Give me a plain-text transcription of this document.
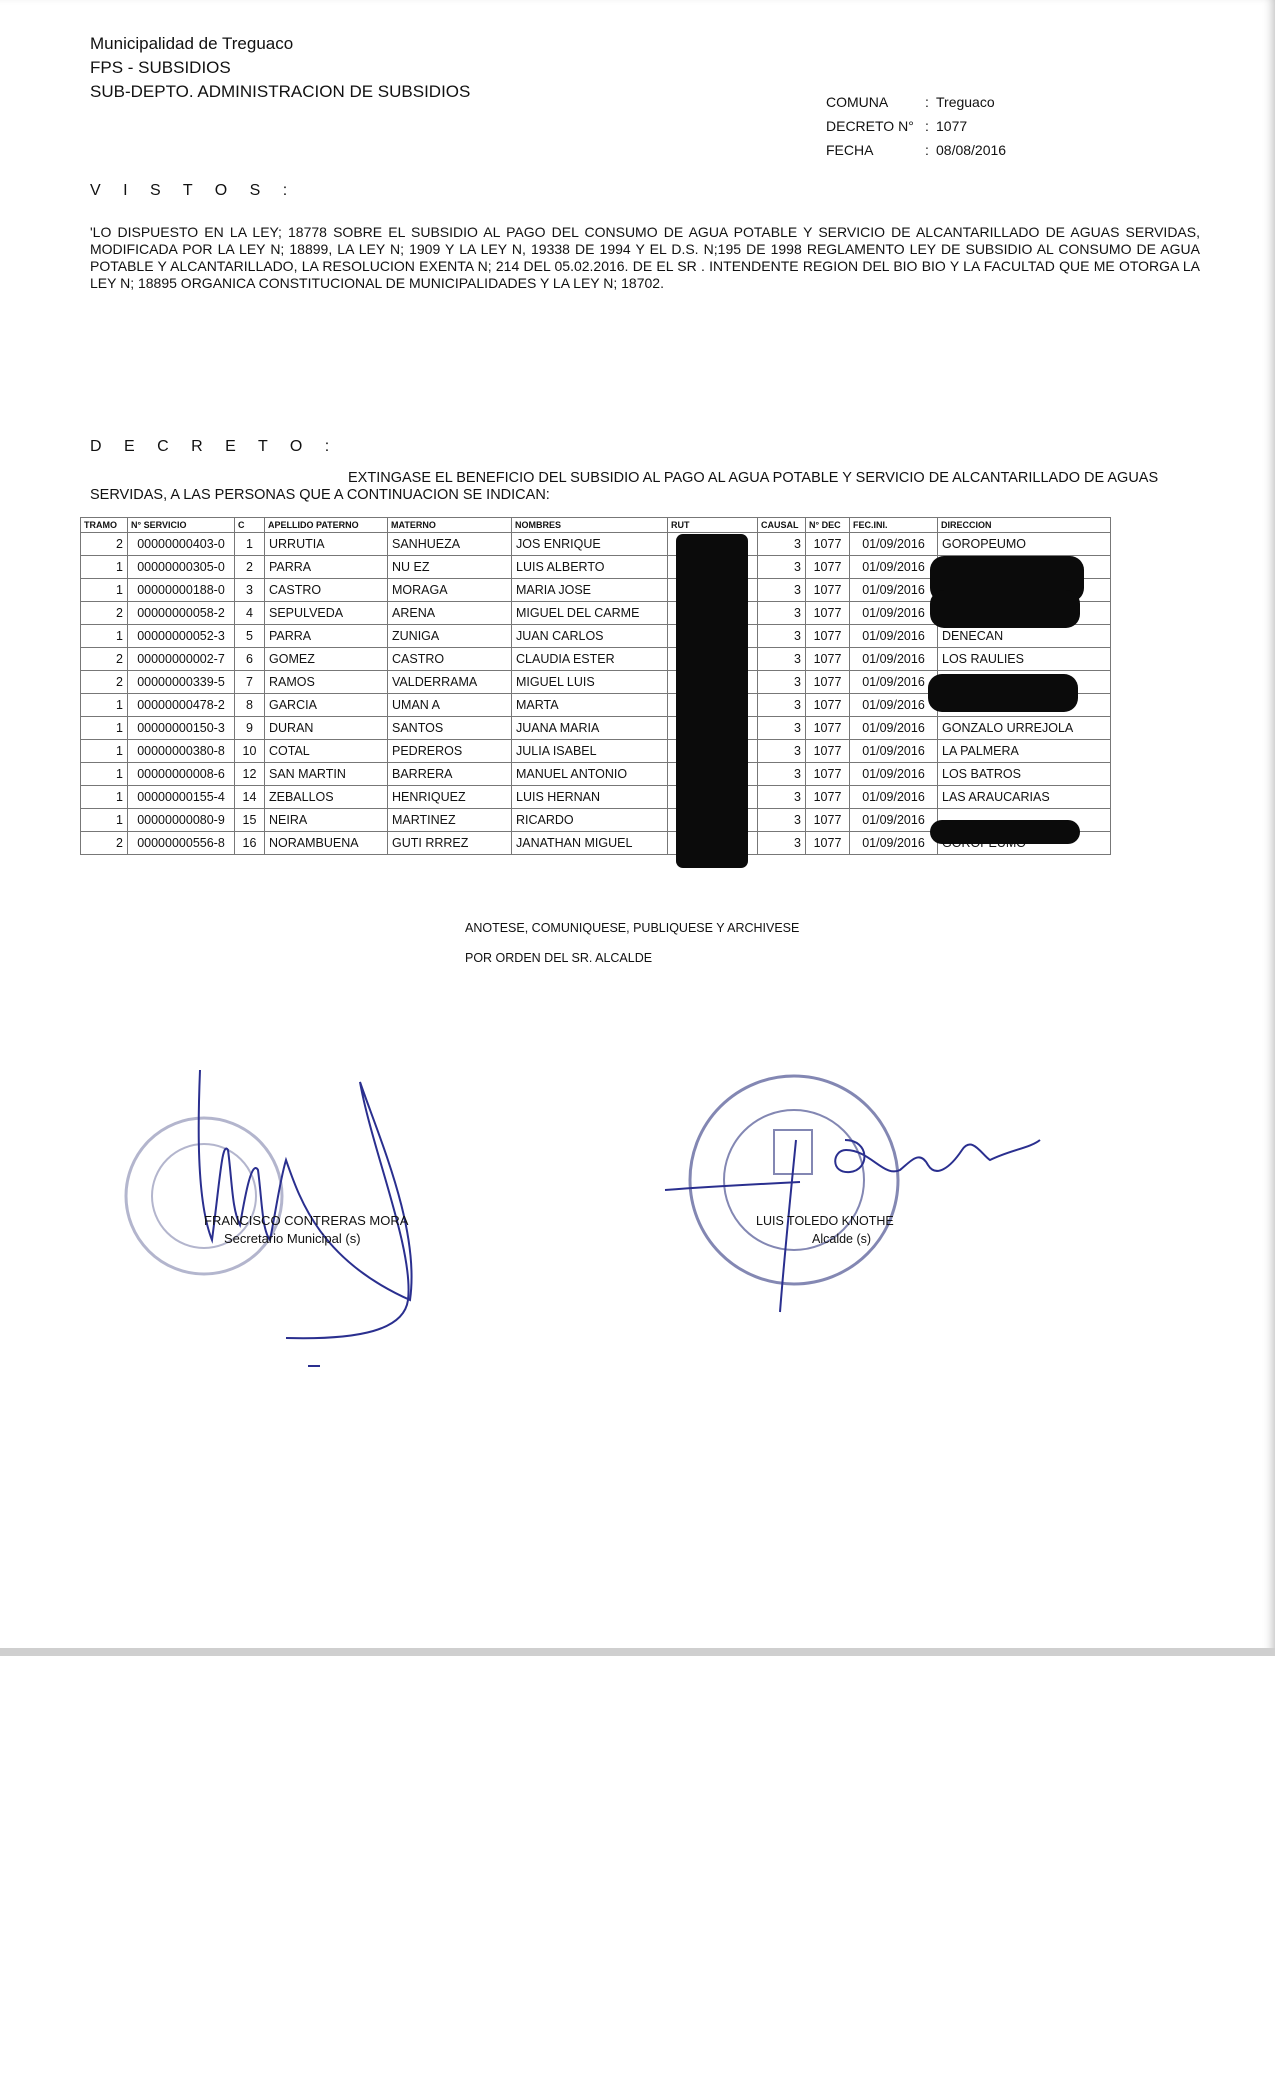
Municipalidad de Treguaco
FPS - SUBSIDIOS
SUB-DEPTO. ADMINISTRACION DE SUBSIDIOS
COMUNA	: Treguaco
DECRETO N° : 1077
FECHA	: 08/08/2016
V I S T O S :
'LO DISPUESTO EN LA LEY; 18778 SOBRE EL SUBSIDIO AL PAGO DEL CONSUMO DE AGUA POTABLE Y SERVICIO DE ALCANTARILLADO DE AGUAS SERVIDAS, MODIFICADA POR LA LEY N; 18899, LA LEY N; 1909 Y LA LEY N, 19338 DE 1994 Y EL D.S. N;195 DE 1998 REGLAMENTO LEY DE SUBSIDIO AL CONSUMO DE AGUA POTABLE Y ALCANTARILLADO, LA RESOLUCION EXENTA N; 214 DEL 05.02.2016. DE EL SR . INTENDENTE REGION DEL BIO BIO Y LA FACULTAD QUE ME OTORGA LA LEY N; 18895 ORGANICA CONSTITUCIONAL DE MUNICIPALIDADES Y LA LEY N; 18702.
D E C R E T O :
EXTINGASE EL BENEFICIO DEL SUBSIDIO AL PAGO AL AGUA POTABLE Y SERVICIO DE ALCANTARILLADO DE AGUAS
SERVIDAS, A LAS PERSONAS QUE A CONTINUACION SE INDICAN:
TRAMO	N° SERVICIO	C	APELLIDO PATERNO	MATERNO	NOMBRES	RUT	CAUSAL	N° DEC	FEC.INI.	DIRECCION
2	00000000403-0	1	URRUTIA	SANHUEZA	JOS ENRIQUE		3	1077	01/09/2016	GOROPEUMO
1	00000000305-0	2	PARRA	NU EZ	LUIS ALBERTO		3	1077	01/09/2016	
1	00000000188-0	3	CASTRO	MORAGA	MARIA JOSE		3	1077	01/09/2016	
2	00000000058-2	4	SEPULVEDA	ARENA	MIGUEL DEL CARME		3	1077	01/09/2016	
1	00000000052-3	5	PARRA	ZUNIGA	JUAN CARLOS		3	1077	01/09/2016	DENECAN
2	00000000002-7	6	GOMEZ	CASTRO	CLAUDIA ESTER		3	1077	01/09/2016	LOS RAULIES
2	00000000339-5	7	RAMOS	VALDERRAMA	MIGUEL LUIS		3	1077	01/09/2016	
1	00000000478-2	8	GARCIA	UMAN A	MARTA		3	1077	01/09/2016	
1	00000000150-3	9	DURAN	SANTOS	JUANA MARIA		3	1077	01/09/2016	GONZALO URREJOLA
1	00000000380-8	10	COTAL	PEDREROS	JULIA ISABEL		3	1077	01/09/2016	LA PALMERA
1	00000000008-6	12	SAN MARTIN	BARRERA	MANUEL ANTONIO		3	1077	01/09/2016	LOS BATROS
1	00000000155-4	14	ZEBALLOS	HENRIQUEZ	LUIS HERNAN		3	1077	01/09/2016	LAS ARAUCARIAS
1	00000000080-9	15	NEIRA	MARTINEZ	RICARDO		3	1077	01/09/2016	
2	00000000556-8	16	NORAMBUENA	GUTI RRREZ	JANATHAN MIGUEL		3	1077	01/09/2016	
ANOTESE, COMUNIQUESE, PUBLIQUESE Y ARCHIVESE
POR ORDEN DEL SR. ALCALDE
FRANCISCO CONTRERAS MORA
Secretario Municipal (s)
LUIS TOLEDO KNOTHE
Alcalde (s)
